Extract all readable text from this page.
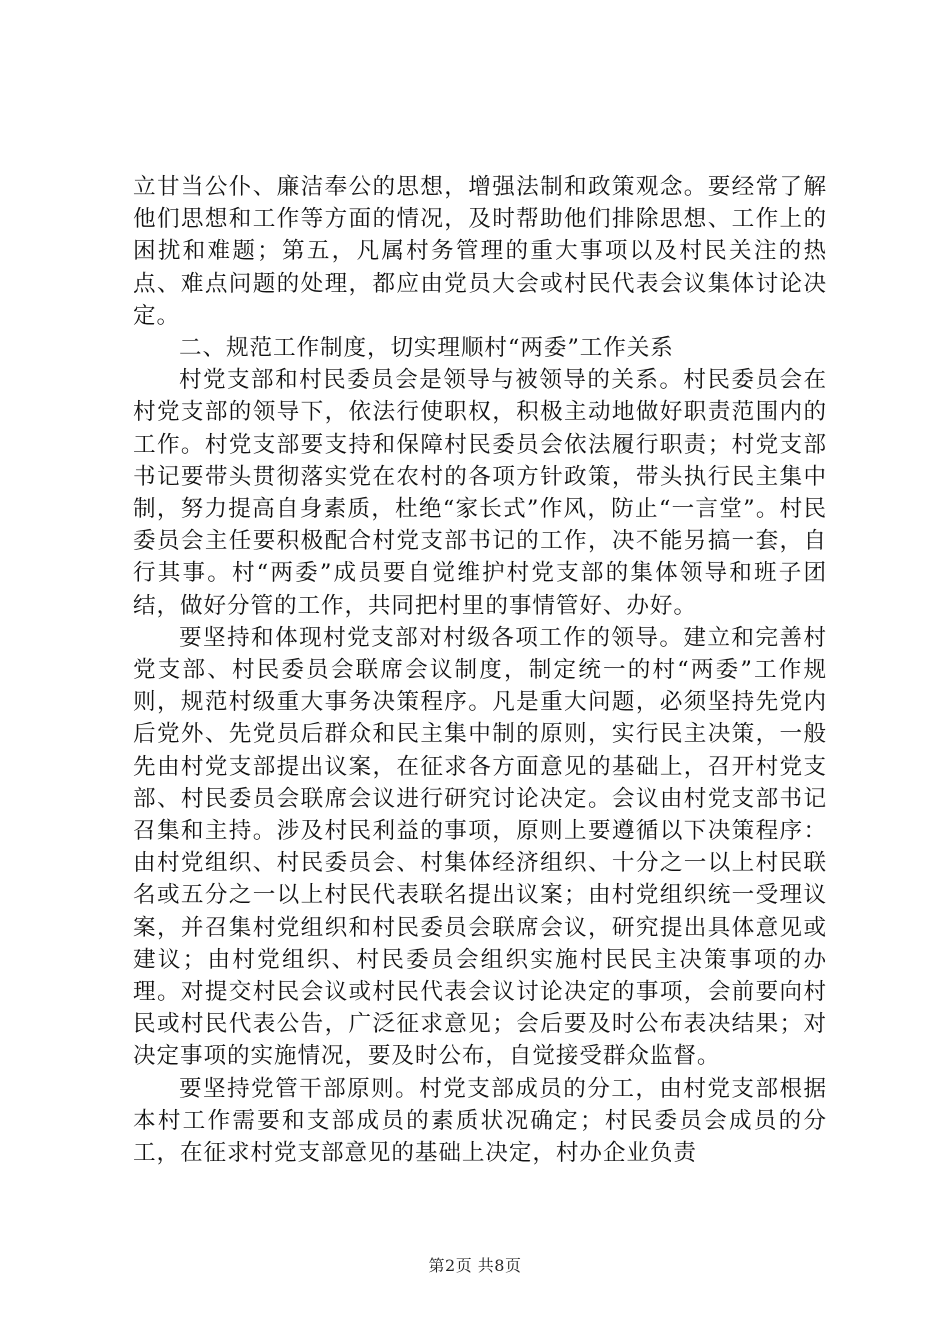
立甘当公仆、廉洁奉公的思想，增强法制和政策观念。要经常了解他们思想和工作等方面的情况，及时帮助他们排除思想、工作上的困扰和难题；第五，凡属村务管理的重大事项以及村民关注的热点、难点问题的处理，都应由党员大会或村民代表会议集体讨论决定。

二、规范工作制度，切实理顺村“两委”工作关系

村党支部和村民委员会是领导与被领导的关系。村民委员会在村党支部的领导下，依法行使职权，积极主动地做好职责范围内的工作。村党支部要支持和保障村民委员会依法履行职责；村党支部书记要带头贯彻落实党在农村的各项方针政策，带头执行民主集中制，努力提高自身素质，杜绝“家长式”作风，防止“一言堂”。村民委员会主任要积极配合村党支部书记的工作，决不能另搞一套，自行其事。村“两委”成员要自觉维护村党支部的集体领导和班子团结，做好分管的工作，共同把村里的事情管好、办好。

要坚持和体现村党支部对村级各项工作的领导。建立和完善村党支部、村民委员会联席会议制度，制定统一的村“两委”工作规则，规范村级重大事务决策程序。凡是重大问题，必须坚持先党内后党外、先党员后群众和民主集中制的原则，实行民主决策，一般先由村党支部提出议案，在征求各方面意见的基础上，召开村党支部、村民委员会联席会议进行研究讨论决定。会议由村党支部书记召集和主持。涉及村民利益的事项，原则上要遵循以下决策程序：由村党组织、村民委员会、村集体经济组织、十分之一以上村民联名或五分之一以上村民代表联名提出议案；由村党组织统一受理议案，并召集村党组织和村民委员会联席会议，研究提出具体意见或建议；由村党组织、村民委员会组织实施村民民主决策事项的办理。对提交村民会议或村民代表会议讨论决定的事项，会前要向村民或村民代表公告，广泛征求意见；会后要及时公布表决结果；对决定事项的实施情况，要及时公布，自觉接受群众监督。

要坚持党管干部原则。村党支部成员的分工，由村党支部根据本村工作需要和支部成员的素质状况确定；村民委员会成员的分工，在征求村党支部意见的基础上决定，村办企业负责

第2页 共8页
